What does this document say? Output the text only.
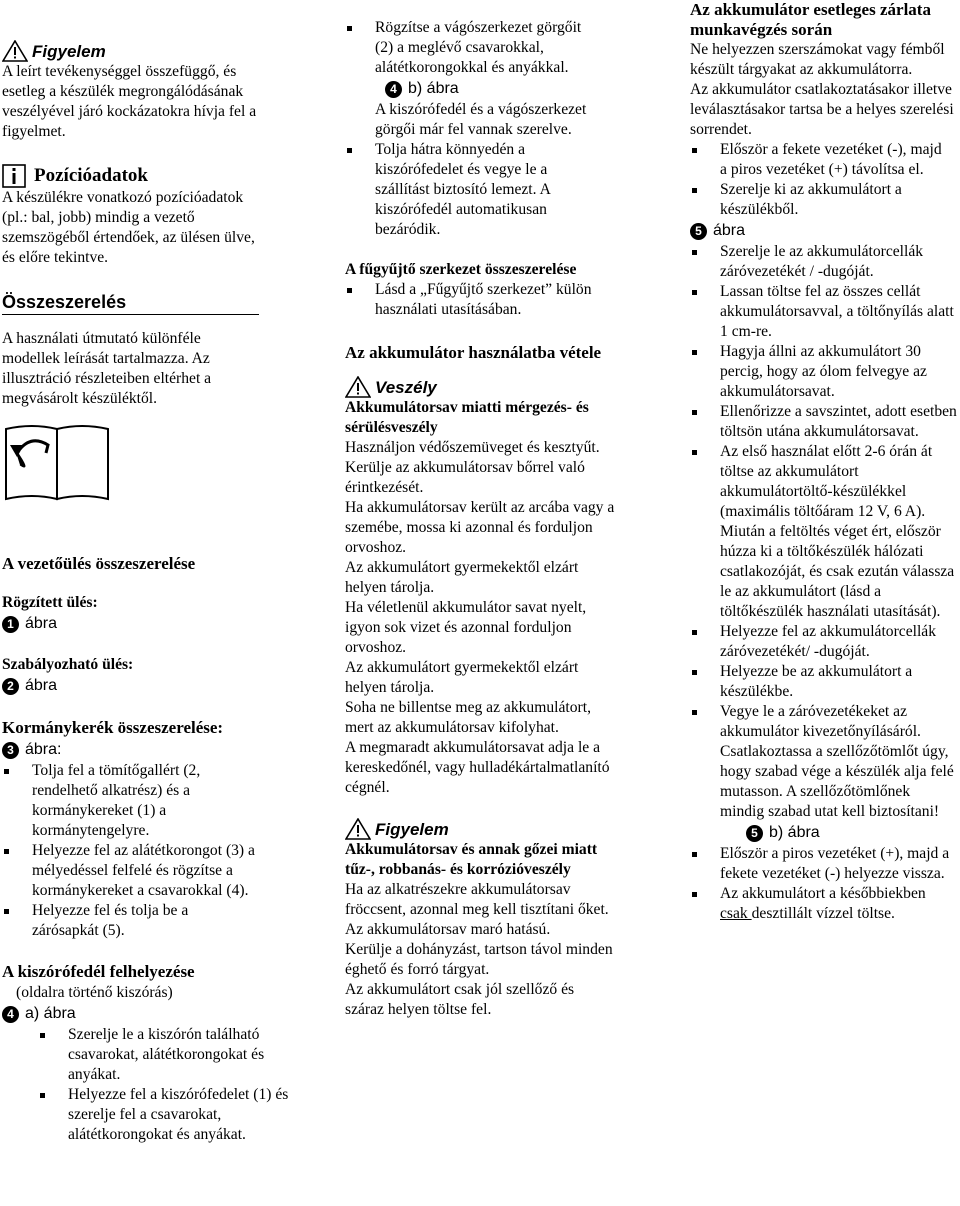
Figyelem

A leírt tevékenységgel összefüggő, és esetleg a készülék megrongálódásának veszélyével járó kockázatokra hívja fel a figyelmet.

Pozícióadatok

A készülékre vonatkozó pozícióadatok (pl.: bal, jobb) mindig a vezető szemszögéből értendőek, az ülésen ülve, és előre tekintve.

Összeszerelés

A használati útmutató különféle modellek leírását tartalmazza. Az illusztráció részleteiben eltérhet a megvásárolt készüléktől.

A vezetőülés összeszerelése

Rögzített ülés:

1 ábra

Szabályozható ülés:

2 ábra

Kormánykerék összeszerelése:

3 ábra:
Tolja fel a tömítőgallért (2, rendelhető alkatrész) és a kormánykereket (1) a kormánytengelyre.
Helyezze fel az alátétkorongot (3) a mélyedéssel felfelé és rögzítse a kormánykereket a csavarokkal (4).
Helyezze fel és tolja be a zárósapkát (5).

A kiszórófedél felhelyezése

(oldalra történő kiszórás)

4 a) ábra
Szerelje le a kiszórón található csavarokat, alátétkorongokat és anyákat.
Helyezze fel a kiszórófedelet (1) és szerelje fel a csavarokat, alátétkorongokat és anyákat.
Rögzítse a vágószerkezet görgőit (2) a meglévő csavarokkal, alátétkorongokkal és anyákkal.
4 b) ábra

A kiszórófedél és a vágószerkezet görgői már fel vannak szerelve.

Tolja hátra könnyedén a kiszórófedelet és vegye le a szállítást biztosító lemezt. A kiszórófedél automatikusan bezáródik.

A fűgyűjtő szerkezet összeszerelése

Lásd a „Fűgyűjtő szerkezet” külön használati utasításában.

Az akkumulátor használatba vétele

Veszély

Akkumulátorsav miatti mérgezés- és sérülésveszély

Használjon védőszemüveget és kesztyűt. Kerülje az akkumulátorsav bőrrel való érintkezését.

Ha akkumulátorsav került az arcába vagy a szemébe, mossa ki azonnal és forduljon orvoshoz.

Az akkumulátort gyermekektől elzárt helyen tárolja.

Ha véletlenül akkumulátor savat nyelt, igyon sok vizet és azonnal forduljon orvoshoz.

Az akkumulátort gyermekektől elzárt helyen tárolja.

Soha ne billentse meg az akkumulátort, mert az akkumulátorsav kifolyhat.

A megmaradt akkumulátorsavat adja le a kereskedőnél, vagy hulladékártalmatlanító cégnél.

Figyelem

Akkumulátorsav és annak gőzei miatt tűz-, robbanás- és korrózióveszély

Ha az alkatrészekre akkumulátorsav fröccsent, azonnal meg kell tisztítani őket. Az akkumulátorsav maró hatású.

Kerülje a dohányzást, tartson távol minden éghető és forró tárgyat.

Az akkumulátort csak jól szellőző és száraz helyen töltse fel.

Az akkumulátor esetleges zárlata munkavégzés során

Ne helyezzen szerszámokat vagy fémből készült tárgyakat az akkumulátorra.

Az akkumulátor csatlakoztatásakor illetve leválasztásakor tartsa be a helyes szerelési sorrendet.

Először a fekete vezetéket (-), majd a piros vezetéket (+) távolítsa el.
Szerelje ki az akkumulátort a készülékből.
5 ábra
Szerelje le az akkumulátorcellák záróvezetékét / -dugóját.
Lassan töltse fel az összes cellát akkumulátorsavval, a töltőnyílás alatt 1 cm-re.
Hagyja állni az akkumulátort 30 percig, hogy az ólom felvegye az akkumulátorsavat.
Ellenőrizze a savszintet, adott esetben töltsön utána akkumulátorsavat.
Az első használat előtt 2-6 órán át töltse az akkumulátort akkumulátortöltő-készülékkel (maximális töltőáram 12 V, 6 A). Miután a feltöltés véget ért, először húzza ki a töltőkészülék hálózati csatlakozóját, és csak ezután válassza le az akkumulátort (lásd a töltőkészülék használati utasítását).
Helyezze fel az akkumulátorcellák záróvezetékét/ -dugóját.
Helyezze be az akkumulátort a készülékbe.
Vegye le a záróvezetékeket az akkumulátor kivezetőnyílásáról. Csatlakoztassa a szellőzőtömlőt úgy, hogy szabad vége a készülék alja felé mutasson. A szellőzőtömlőnek mindig szabad utat kell biztosítani!
5 b) ábra
Először a piros vezetéket (+), majd a fekete vezetéket (-) helyezze vissza.
Az akkumulátort a későbbiekben csak desztillált vízzel töltse.
